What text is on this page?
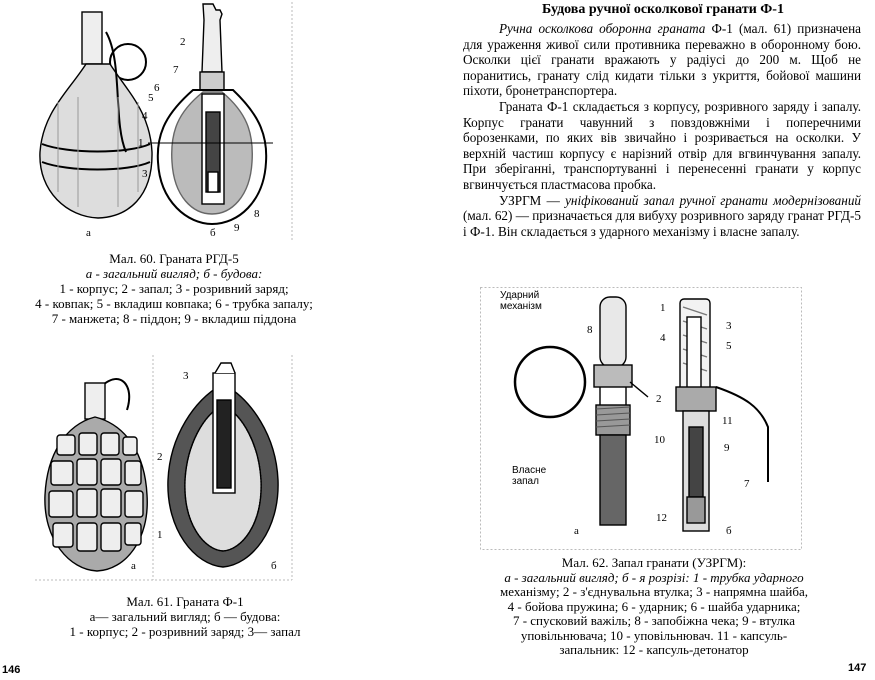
а	б
1
2
3
4
5
6
7
8
9
Мал. 60. Граната РГД-5
а - загальний вигляд; б - будова:
1 - корпус; 2 - запал; 3 - розривний заряд;
4 - ковпак; 5 - вкладиш ковпака; 6 - трубка запалу;
7 - манжета; 8 - піддон; 9 - вкладиш піддона
а	б
1
2
3
Мал. 61. Граната Ф-1
а— загальний вигляд; б — будова:
1 - корпус; 2 - розривний заряд; 3— запал
146
Будова ручної осколкової гранати Ф-1

Ручна осколкова оборонна граната Ф-1 (мал. 61) призначена для ураження живої сили противника переважно в оборонному бою. Осколки цієї гранати вражають у радіусі до 200 м. Щоб не поранитись, гранату слід кидати тільки з укриття, бойової машини піхоти, бронетранспортера.

Граната Ф-1 складається з корпусу, розривного заряду і запалу. Корпус гранати чавунний з повздовжніми і поперечними борозенками, по яких вів звичайно і розривається на осколки. У верхній частиш корпусу є нарізний отвір для вгвинчування запалу. При зберіганні, транспортуванні і перенесенні гранати у корпус вгвинчується пластмасова пробка.

УЗРГМ — уніфікований запал ручної гранати модернізований (мал. 62) — призначається для вибуху розривного заряду гранат РГД-5 і Ф-1. Він складається з ударного механізму і власне запалу.

Ударний механізм
Власне запал
а	б
1
2
3
4
5
7
8
9
10
11
12
Мал. 62. Запал гранати (УЗРГМ):
а - загальний вигляд; б - я розрізі: 1 - трубка ударного
механізму; 2 - з'єднувальна втулка; 3 - напрямна шайба,
4 - бойова пружина; 6 - ударник; 6 - шайба ударника;
7 - спусковий важіль; 8 - запобіжна чека; 9 - втулка
уповільнювача; 10 - уповільнювач. 11 - капсуль-
запальник: 12 - капсуль-детонатор
147
